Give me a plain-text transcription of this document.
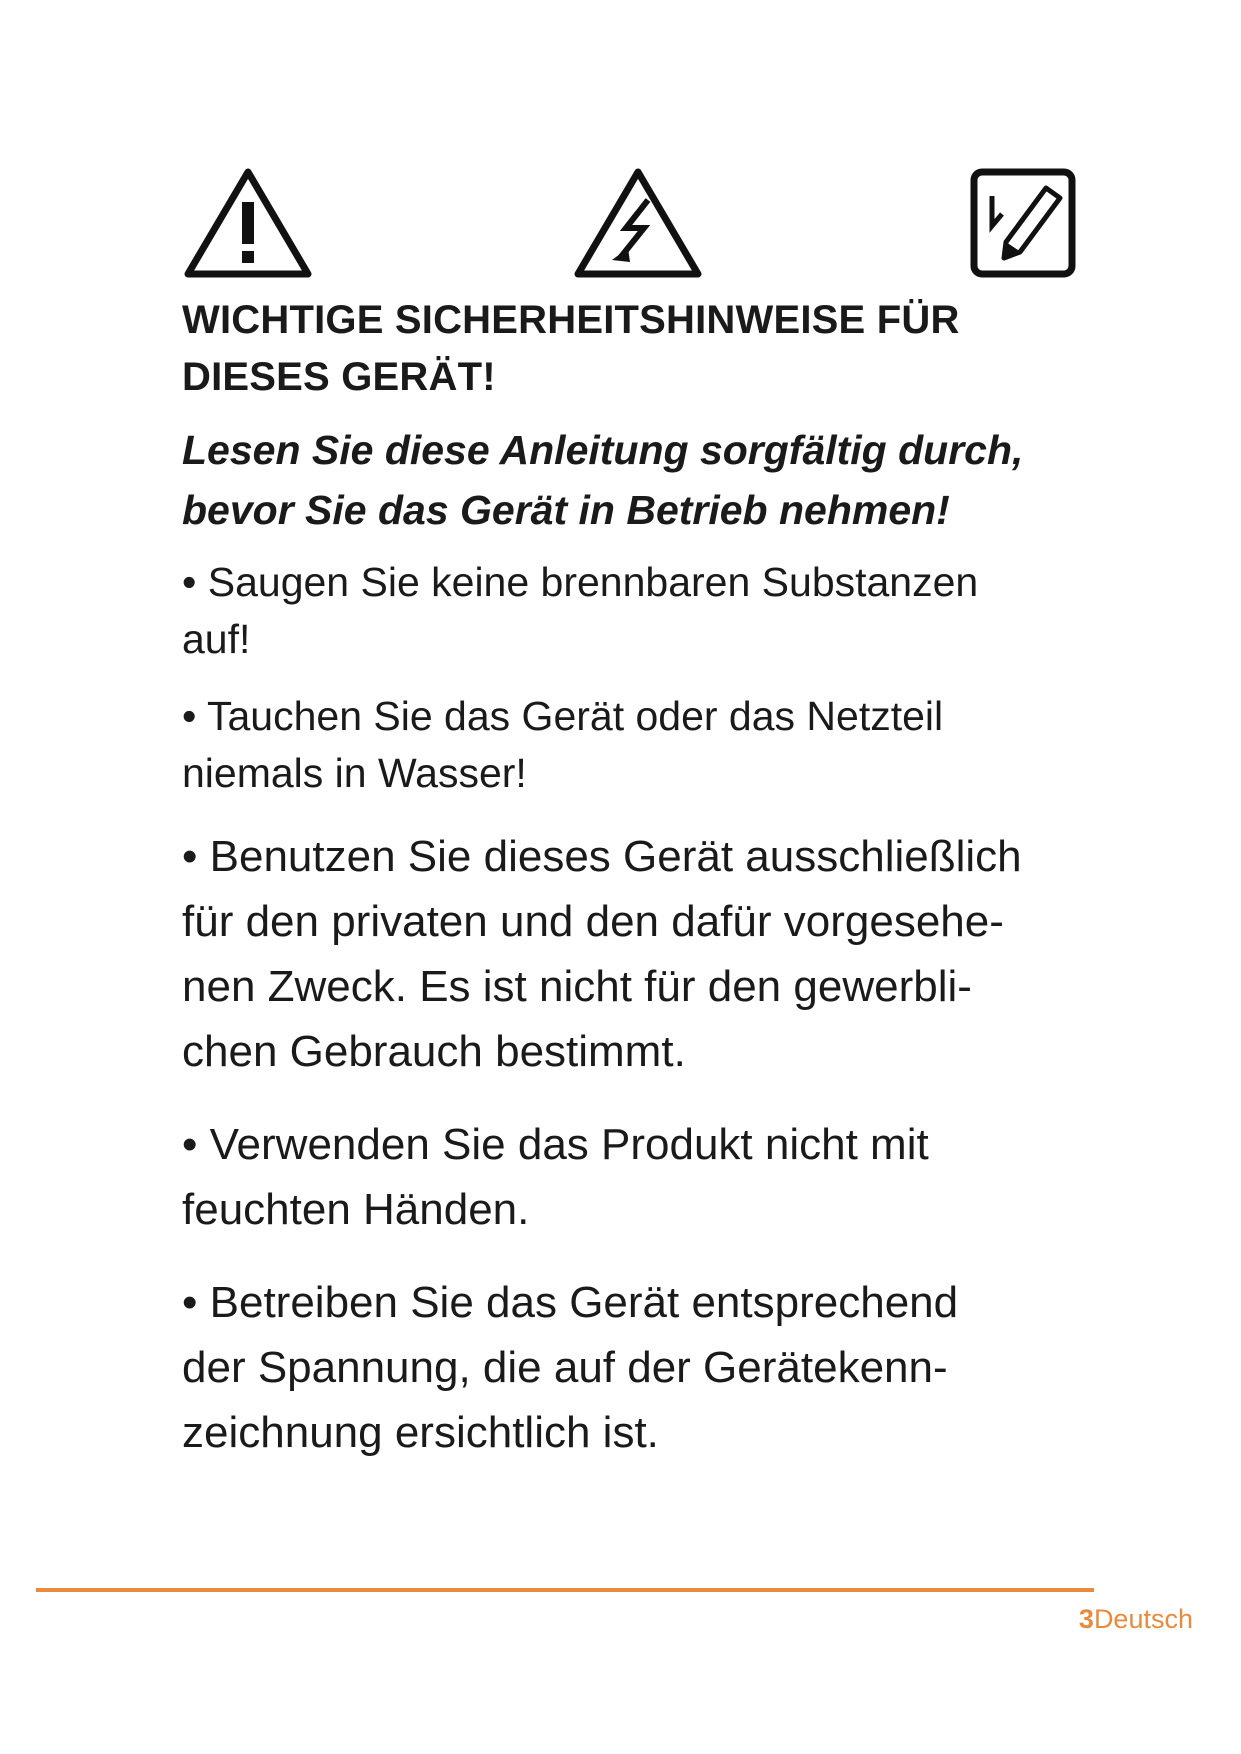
WICHTIGE SICHERHEITSHINWEISE FÜR
DIESES GERÄT!

Lesen Sie diese Anleitung sorgfältig durch,
bevor Sie das Gerät in Betrieb nehmen!

• Saugen Sie keine brennbaren Substanzen
auf!

• Tauchen Sie das Gerät oder das Netzteil
niemals in Wasser!

• Benutzen Sie dieses Gerät ausschließlich
für den privaten und den dafür vorgesehe-
nen Zweck. Es ist nicht für den gewerbli-
chen Gebrauch bestimmt.

• Verwenden Sie das Produkt nicht mit
feuchten Händen.

• Betreiben Sie das Gerät entsprechend
der Spannung, die auf der Gerätekenn-
zeichnung ersichtlich ist.

3Deutsch
